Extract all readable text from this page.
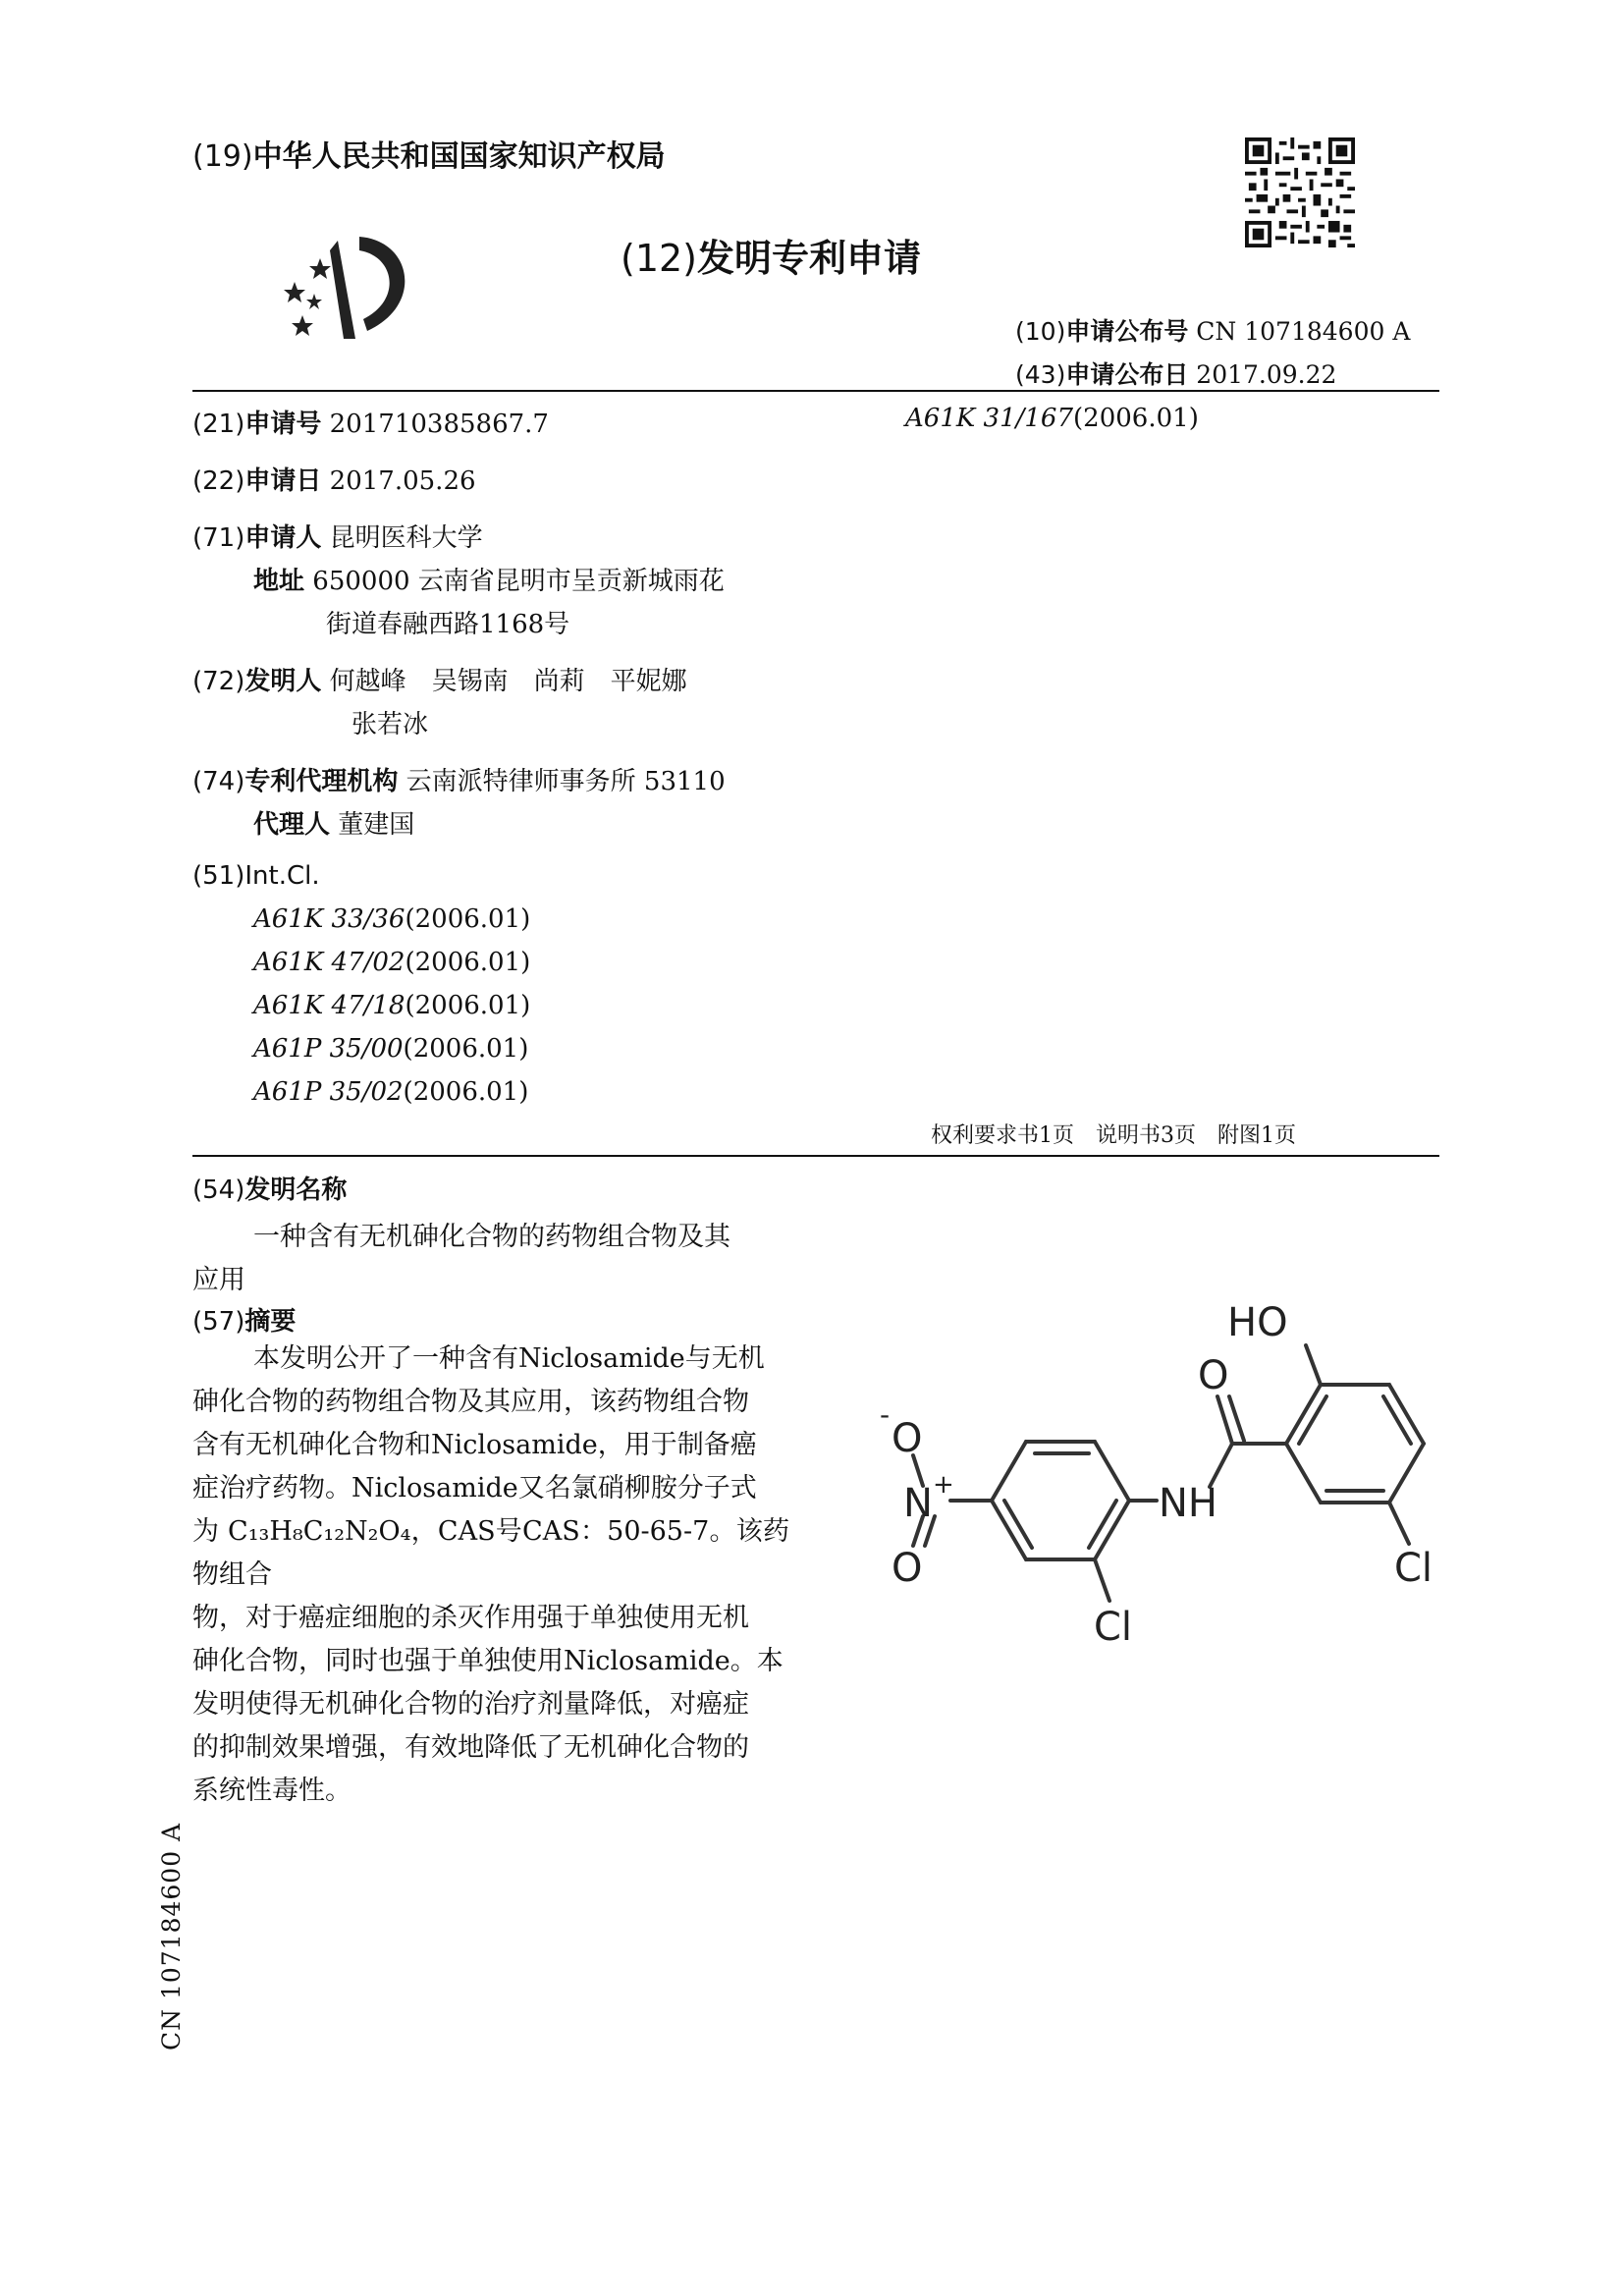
(19)中华人民共和国国家知识产权局
(12)发明专利申请
(10)申请公布号 CN 107184600 A
(43)申请公布日 2017.09.22
(21)申请号 201710385867.7	A61K 31/167(2006.01)
(22)申请日 2017.05.26
(71)申请人 昆明医科大学
地址 650000 云南省昆明市呈贡新城雨花
街道春融西路1168号
(72)发明人 何越峰　吴锡南　尚莉　平妮娜
张若冰
(74)专利代理机构 云南派特律师事务所 53110
代理人 董建国
(51)Int.Cl.
A61K 33/36(2006.01)
A61K 47/02(2006.01)
A61K 47/18(2006.01)
A61P 35/00(2006.01)
A61P 35/02(2006.01)
权利要求书1页　说明书3页　附图1页
(54)发明名称
一种含有无机砷化合物的药物组合物及其
应用
(57)摘要
本发明公开了一种含有Niclosamide与无机
砷化合物的药物组合物及其应用，该药物组合物
含有无机砷化合物和Niclosamide，用于制备癌
症治疗药物。Niclosamide又名氯硝柳胺分子式
为 C₁₃H₈C₁₂N₂O₄，CAS号CAS：50-65-7。该药物组合
物，对于癌症细胞的杀灭作用强于单独使用无机
砷化合物，同时也强于单独使用Niclosamide。本
发明使得无机砷化合物的治疗剂量降低，对癌症
的抑制效果增强，有效地降低了无机砷化合物的
系统性毒性。
HO
O
NH
Cl
Cl
O
-
N +
O
CN 107184600 A
